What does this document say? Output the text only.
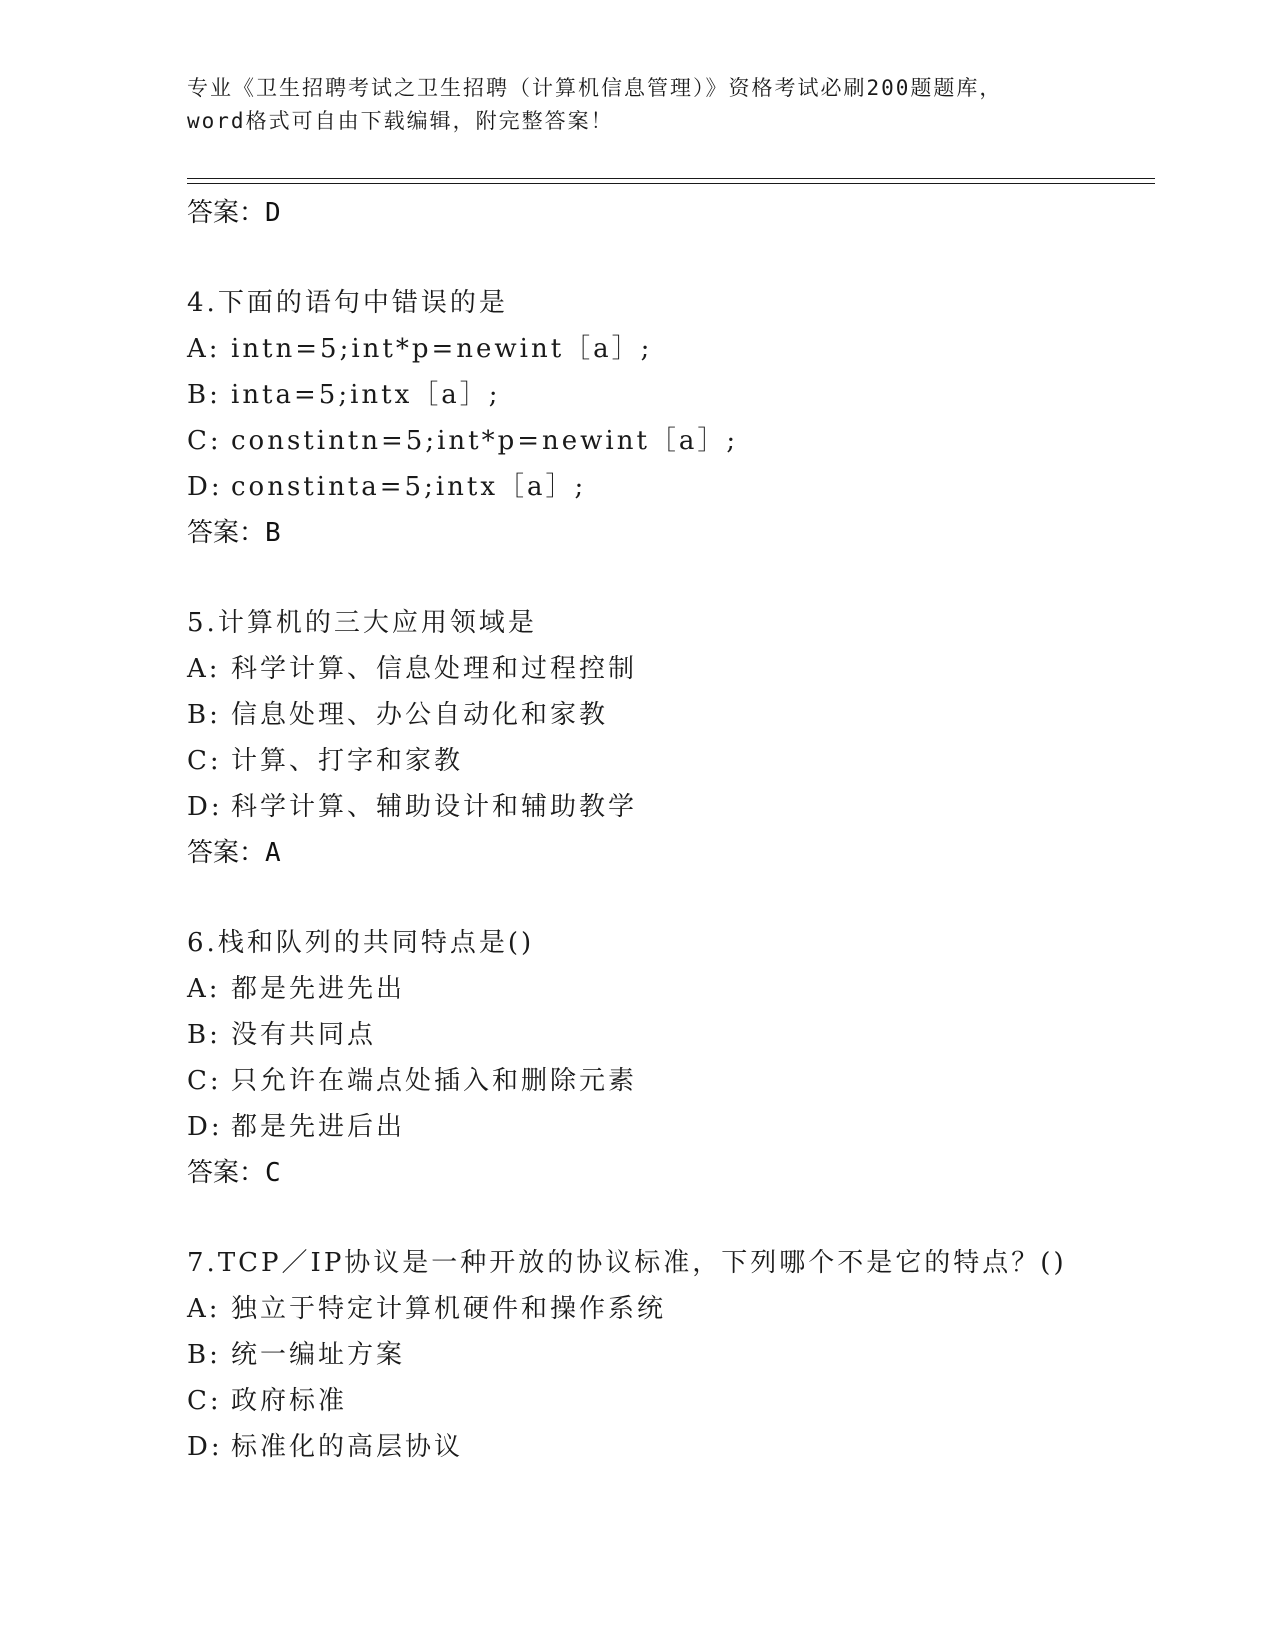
专业《卫生招聘考试之卫生招聘（计算机信息管理）》资格考试必刷200题题库，
word格式可自由下载编辑，附完整答案！
答案：D
4.下面的语句中错误的是
A: intn=5;int*p=newint［a］;
B: inta=5;intx［a］;
C: constintn=5;int*p=newint［a］;
D: constinta=5;intx［a］;
答案：B
5.计算机的三大应用领域是
A: 科学计算、信息处理和过程控制
B: 信息处理、办公自动化和家教
C: 计算、打字和家教
D: 科学计算、辅助设计和辅助教学
答案：A
6.栈和队列的共同特点是()
A: 都是先进先出
B: 没有共同点
C: 只允许在端点处插入和删除元素
D: 都是先进后出
答案：C
7.TCP／IP协议是一种开放的协议标准，下列哪个不是它的特点？()
A: 独立于特定计算机硬件和操作系统
B: 统一编址方案
C: 政府标准
D: 标准化的高层协议
